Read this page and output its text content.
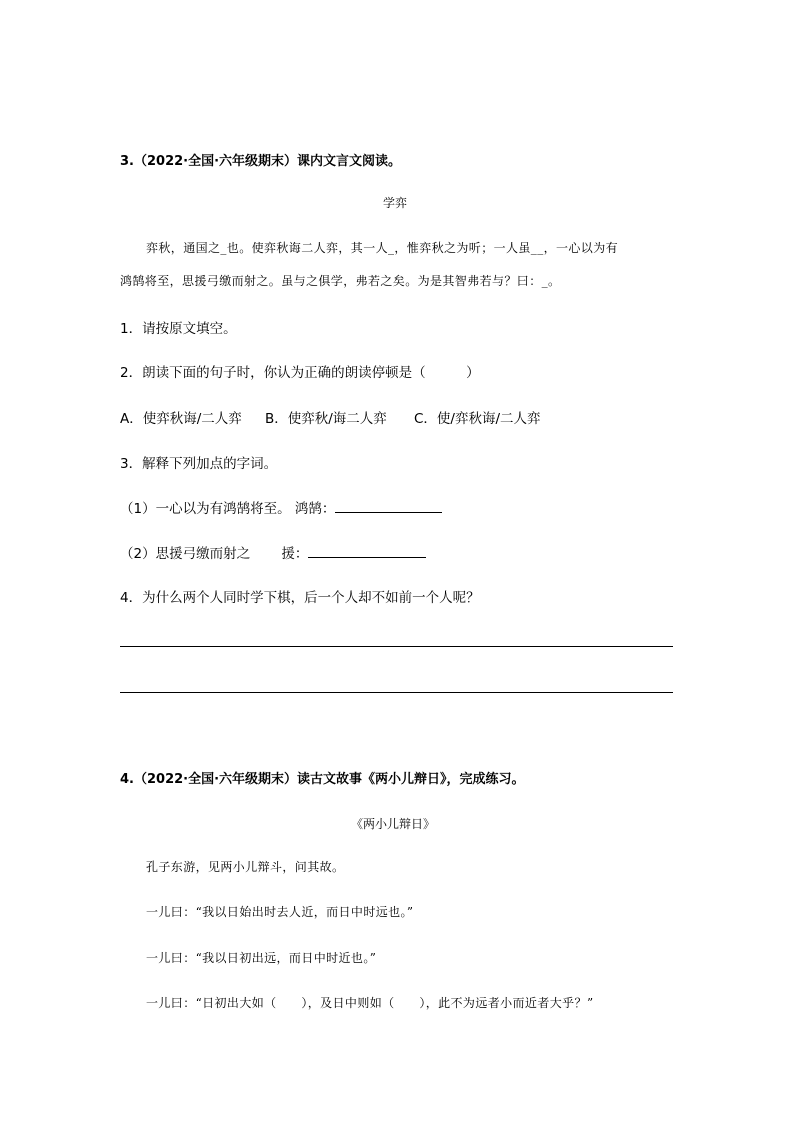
3.（2022·全国·六年级期末）课内文言文阅读。
学弈
弈秋，通国之_也。使弈秋诲二人弈，其一人_，惟弈秋之为听；一人虽__，一心以为有
鸿鹄将至，思援弓缴而射之。虽与之俱学，弗若之矣。为是其智弗若与？曰：_。
1．请按原文填空。
2．朗读下面的句子时，你认为正确的朗读停顿是（　　　）
A．使弈秋诲/二人弈 B．使弈秋/诲二人弈 C．使/弈秋诲/二人弈
3．解释下列加点的字词。
（1）一心以为有鸿鹄将至。 鸿鹄：
（2）思援弓缴而射之　　 援：
4．为什么两个人同时学下棋，后一个人却不如前一个人呢？
4.（2022·全国·六年级期末）读古文故事《两小儿辩日》，完成练习。
《两小儿辩日》
孔子东游，见两小儿辩斗，问其故。
一儿曰：“我以日始出时去人近，而日中时远也。”
一儿曰：“我以日初出远，而日中时近也。”
一儿曰：“日初出大如（　　），及日中则如（　　），此不为远者小而近者大乎？”
